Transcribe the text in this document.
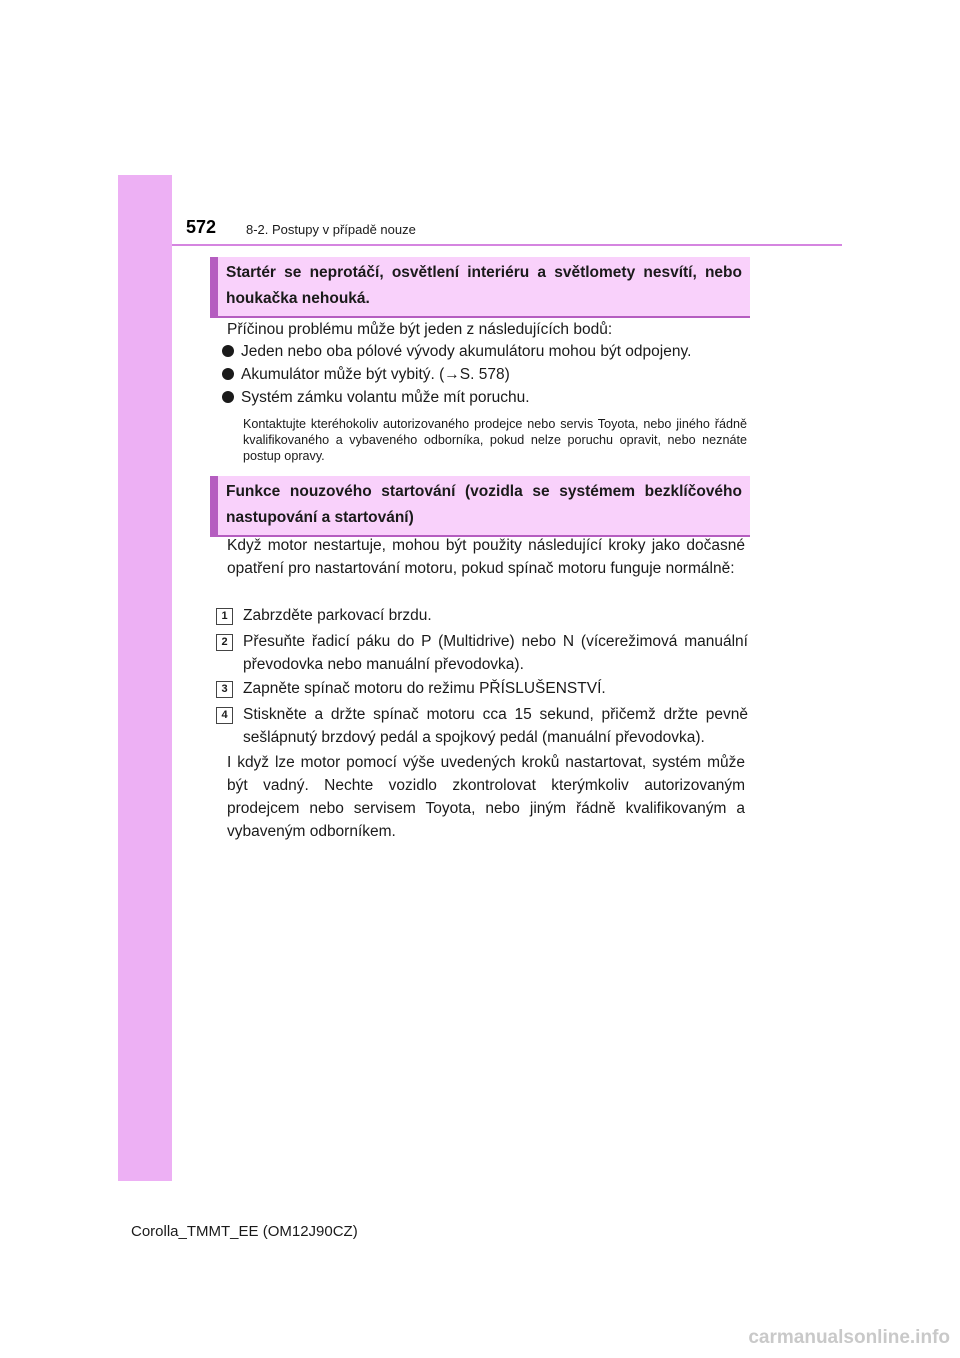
572 8-2. Postupy v případě nouze
Startér se neprotáčí, osvětlení interiéru a světlomety nesvítí, nebo houkačka nehouká.
Příčinou problému může být jeden z následujících bodů:
Jeden nebo oba pólové vývody akumulátoru mohou být odpojeny.
Akumulátor může být vybitý. (→S. 578)
Systém zámku volantu může mít poruchu.
Kontaktujte kteréhokoliv autorizovaného prodejce nebo servis Toyota, nebo jiného řádně kvalifikovaného a vybaveného odborníka, pokud nelze poruchu opravit, nebo neznáte postup opravy.
Funkce nouzového startování (vozidla se systémem bezklíčového nastupování a startování)
Když motor nestartuje, mohou být použity následující kroky jako dočasné opatření pro nastartování motoru, pokud spínač motoru funguje normálně:
1 Zabrzděte parkovací brzdu.
2 Přesuňte řadicí páku do P (Multidrive) nebo N (vícerežimová manuální převodovka nebo manuální převodovka).
3 Zapněte spínač motoru do režimu PŘÍSLUŠENSTVÍ.
4 Stiskněte a držte spínač motoru cca 15 sekund, přičemž držte pevně sešlápnutý brzdový pedál a spojkový pedál (manuální převodovka).
I když lze motor pomocí výše uvedených kroků nastartovat, systém může být vadný. Nechte vozidlo zkontrolovat kterýmkoliv autorizovaným prodejcem nebo servisem Toyota, nebo jiným řádně kvalifikovaným a vybaveným odborníkem.
Corolla_TMMT_EE (OM12J90CZ)
carmanualsonline.info
